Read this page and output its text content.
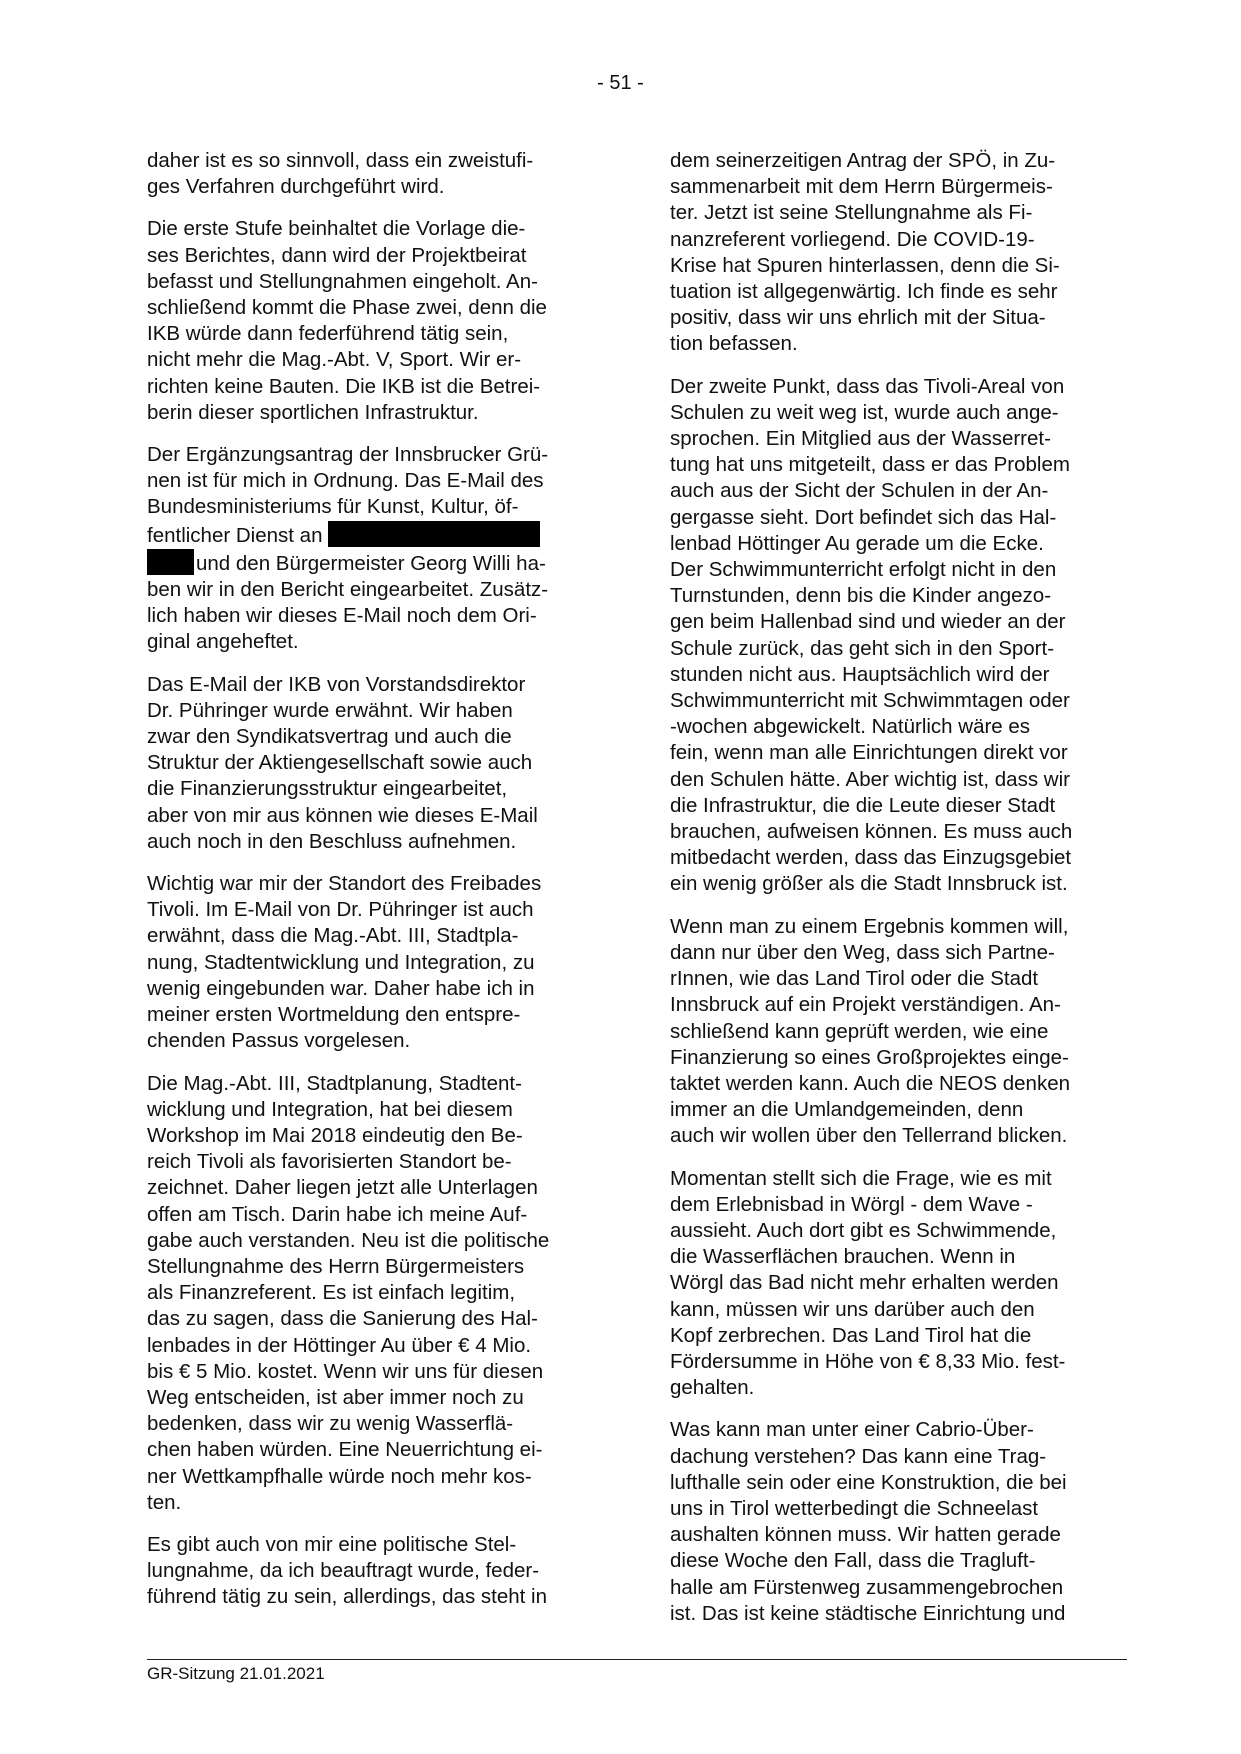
- 51 -

daher ist es so sinnvoll, dass ein zweistufi-
ges Verfahren durchgeführt wird.

Die erste Stufe beinhaltet die Vorlage die-
ses Berichtes, dann wird der Projektbeirat
befasst und Stellungnahmen eingeholt. An-
schließend kommt die Phase zwei, denn die
IKB würde dann federführend tätig sein,
nicht mehr die Mag.-Abt. V, Sport. Wir er-
richten keine Bauten. Die IKB ist die Betrei-
berin dieser sportlichen Infrastruktur.

Der Ergänzungsantrag der Innsbrucker Grü-
nen ist für mich in Ordnung. Das E-Mail des
Bundesministeriums für Kunst, Kultur, öf-
fentlicher Dienst an
und den Bürgermeister Georg Willi ha-
ben wir in den Bericht eingearbeitet. Zusätz-
lich haben wir dieses E-Mail noch dem Ori-
ginal angeheftet.

Das E-Mail der IKB von Vorstandsdirektor
Dr. Pühringer wurde erwähnt. Wir haben
zwar den Syndikatsvertrag und auch die
Struktur der Aktiengesellschaft sowie auch
die Finanzierungsstruktur eingearbeitet,
aber von mir aus können wie dieses E-Mail
auch noch in den Beschluss aufnehmen.

Wichtig war mir der Standort des Freibades
Tivoli. Im E-Mail von Dr. Pühringer ist auch
erwähnt, dass die Mag.-Abt. III, Stadtpla-
nung, Stadtentwicklung und Integration, zu
wenig eingebunden war. Daher habe ich in
meiner ersten Wortmeldung den entspre-
chenden Passus vorgelesen.

Die Mag.-Abt. III, Stadtplanung, Stadtent-
wicklung und Integration, hat bei diesem
Workshop im Mai 2018 eindeutig den Be-
reich Tivoli als favorisierten Standort be-
zeichnet. Daher liegen jetzt alle Unterlagen
offen am Tisch. Darin habe ich meine Auf-
gabe auch verstanden. Neu ist die politische
Stellungnahme des Herrn Bürgermeisters
als Finanzreferent. Es ist einfach legitim,
das zu sagen, dass die Sanierung des Hal-
lenbades in der Höttinger Au über € 4 Mio.
bis € 5 Mio. kostet. Wenn wir uns für diesen
Weg entscheiden, ist aber immer noch zu
bedenken, dass wir zu wenig Wasserflä-
chen haben würden. Eine Neuerrichtung ei-
ner Wettkampfhalle würde noch mehr kos-
ten.

Es gibt auch von mir eine politische Stel-
lungnahme, da ich beauftragt wurde, feder-
führend tätig zu sein, allerdings, das steht in

dem seinerzeitigen Antrag der SPÖ, in Zu-
sammenarbeit mit dem Herrn Bürgermeis-
ter. Jetzt ist seine Stellungnahme als Fi-
nanzreferent vorliegend. Die COVID-19-
Krise hat Spuren hinterlassen, denn die Si-
tuation ist allgegenwärtig. Ich finde es sehr
positiv, dass wir uns ehrlich mit der Situa-
tion befassen.

Der zweite Punkt, dass das Tivoli-Areal von
Schulen zu weit weg ist, wurde auch ange-
sprochen. Ein Mitglied aus der Wasserret-
tung hat uns mitgeteilt, dass er das Problem
auch aus der Sicht der Schulen in der An-
gergasse sieht. Dort befindet sich das Hal-
lenbad Höttinger Au gerade um die Ecke.
Der Schwimmunterricht erfolgt nicht in den
Turnstunden, denn bis die Kinder angezo-
gen beim Hallenbad sind und wieder an der
Schule zurück, das geht sich in den Sport-
stunden nicht aus. Hauptsächlich wird der
Schwimmunterricht mit Schwimmtagen oder
-wochen abgewickelt. Natürlich wäre es
fein, wenn man alle Einrichtungen direkt vor
den Schulen hätte. Aber wichtig ist, dass wir
die Infrastruktur, die die Leute dieser Stadt
brauchen, aufweisen können. Es muss auch
mitbedacht werden, dass das Einzugsgebiet
ein wenig größer als die Stadt Innsbruck ist.

Wenn man zu einem Ergebnis kommen will,
dann nur über den Weg, dass sich Partne-
rInnen, wie das Land Tirol oder die Stadt
Innsbruck auf ein Projekt verständigen. An-
schließend kann geprüft werden, wie eine
Finanzierung so eines Großprojektes einge-
taktet werden kann. Auch die NEOS denken
immer an die Umlandgemeinden, denn
auch wir wollen über den Tellerrand blicken.

Momentan stellt sich die Frage, wie es mit
dem Erlebnisbad in Wörgl - dem Wave -
aussieht. Auch dort gibt es Schwimmende,
die Wasserflächen brauchen. Wenn in
Wörgl das Bad nicht mehr erhalten werden
kann, müssen wir uns darüber auch den
Kopf zerbrechen. Das Land Tirol hat die
Fördersumme in Höhe von € 8,33 Mio. fest-
gehalten.

Was kann man unter einer Cabrio-Über-
dachung verstehen? Das kann eine Trag-
lufthalle sein oder eine Konstruktion, die bei
uns in Tirol wetterbedingt die Schneelast
aushalten können muss. Wir hatten gerade
diese Woche den Fall, dass die Tragluft-
halle am Fürstenweg zusammengebrochen
ist. Das ist keine städtische Einrichtung und

GR-Sitzung 21.01.2021
